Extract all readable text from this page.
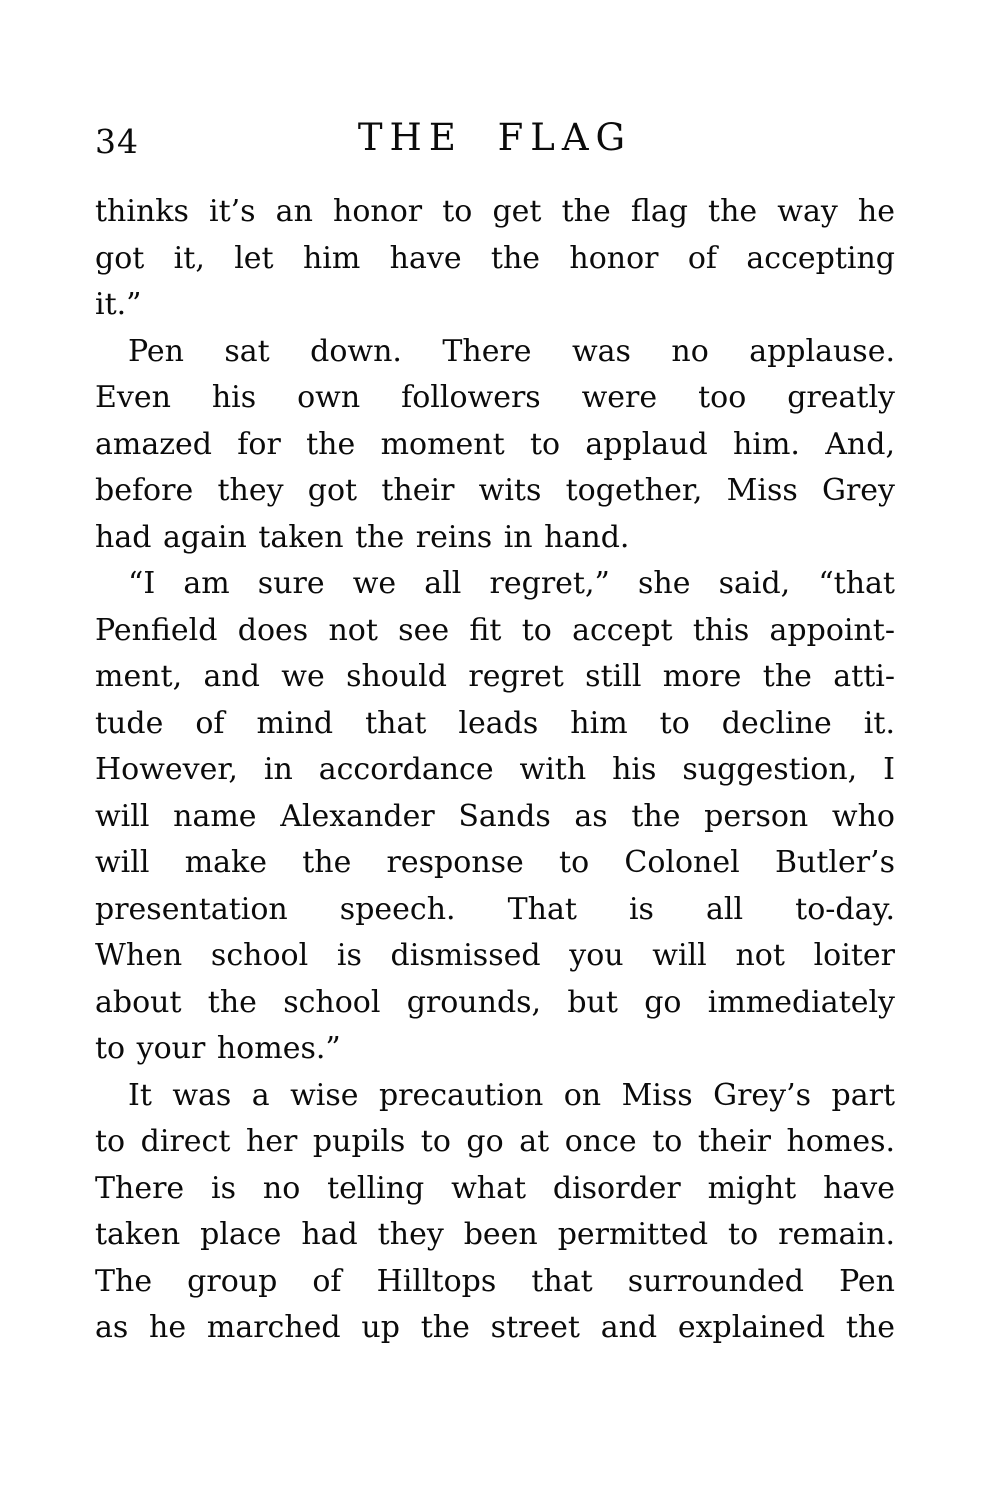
34	THE FLAG
thinks it’s an honor to get the flag the way he
got it, let him have the honor of accepting
it.”
Pen sat down. There was no applause.
Even his own followers were too greatly
amazed for the moment to applaud him. And,
before they got their wits together, Miss Grey
had again taken the reins in hand.
“I am sure we all regret,” she said, “that
Penfield does not see fit to accept this appoint-
ment, and we should regret still more the atti-
tude of mind that leads him to decline it.
However, in accordance with his suggestion, I
will name Alexander Sands as the person who
will make the response to Colonel Butler’s
presentation speech. That is all to-day.
When school is dismissed you will not loiter
about the school grounds, but go immediately
to your homes.”
It was a wise precaution on Miss Grey’s part
to direct her pupils to go at once to their homes.
There is no telling what disorder might have
taken place had they been permitted to remain.
The group of Hilltops that surrounded Pen
as he marched up the street and explained the
